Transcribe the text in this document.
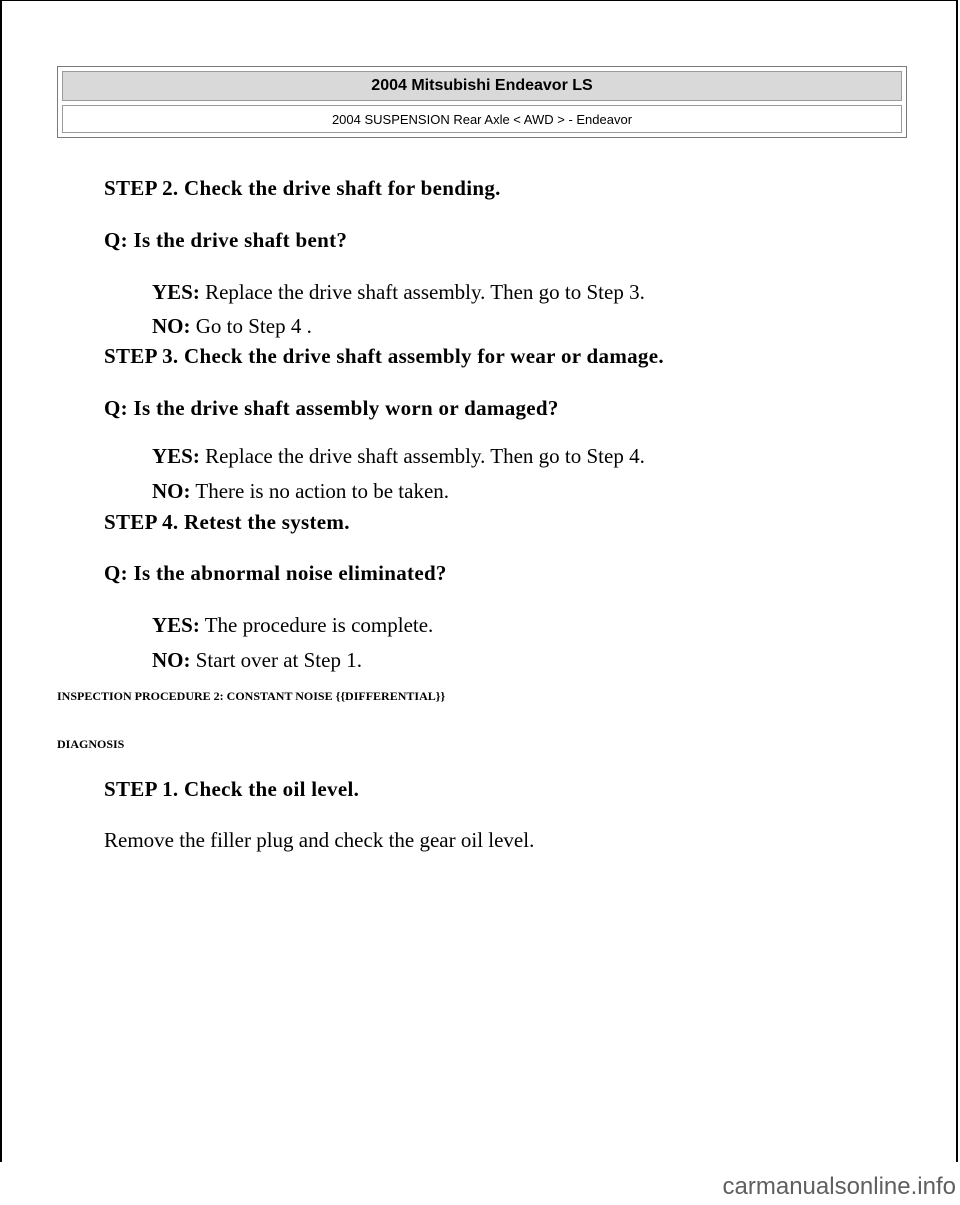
2004 Mitsubishi Endeavor LS
2004 SUSPENSION Rear Axle < AWD > - Endeavor
STEP 2. Check the drive shaft for bending.
Q: Is the drive shaft bent?
YES: Replace the drive shaft assembly. Then go to Step 3.
NO: Go to Step 4 .
STEP 3. Check the drive shaft assembly for wear or damage.
Q: Is the drive shaft assembly worn or damaged?
YES: Replace the drive shaft assembly. Then go to Step 4.
NO: There is no action to be taken.
STEP 4. Retest the system.
Q: Is the abnormal noise eliminated?
YES: The procedure is complete.
NO: Start over at Step 1.
INSPECTION PROCEDURE 2: CONSTANT NOISE {{DIFFERENTIAL}}
DIAGNOSIS
STEP 1. Check the oil level.
Remove the filler plug and check the gear oil level.
carmanualsonline.info
